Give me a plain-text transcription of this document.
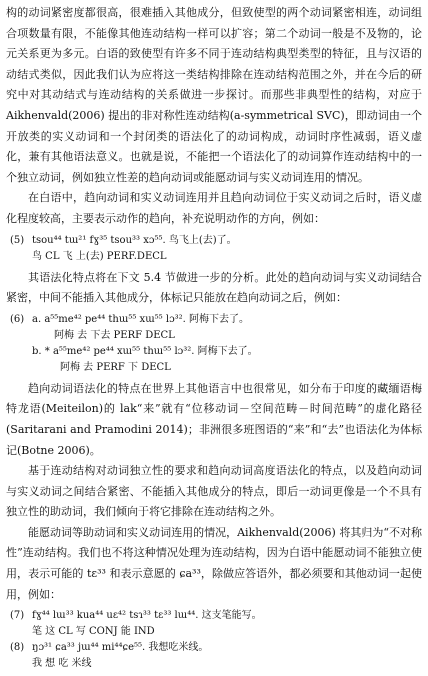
构的动词紧密度都很高，很难插入其他成分，但致使型的两个动词紧密相连，动词组合项数量有限，不能像其他连动结构一样可以扩容；第二个动词一般是不及物的，论元关系更为多元。白语的致使型有许多不同于连动结构典型类型的特征，且与汉语的动结式类似，因此我们认为应将这一类结构排除在连动结构范围之外，并在今后的研究中对其动结式与连动结构的关系做进一步探讨。而那些非典型性的结构，对应于 Aikhenvald(2006) 提出的非对称性连动结构(a-symmetrical SVC)，即动词由一个开放类的实义动词和一个封闭类的语法化了的动词构成，动词时序性减弱，语义虚化，兼有其他语法意义。也就是说，不能把一个语法化了的动词算作连动结构中的一个独立动词，例如独立性差的趋向动词或能愿动词与实义动词连用的情况。

在白语中，趋向动词和实义动词连用并且趋向动词位于实义动词之后时，语义虚化程度较高，主要表示动作的趋向，补充说明动作的方向，例如：

(5) tsou⁴⁴ tɯ²¹ fɣ³⁵ tsou³³ xɔ⁵⁵. 鸟飞上(去)了。

鸟 CL 飞 上(去) PERF.DECL

其语法化特点将在下文 5.4 节做进一步的分析。此处的趋向动词与实义动词结合紧密，中间不能插入其他成分，体标记只能放在趋向动词之后，例如：

(6) a. a⁵⁵me⁴² pe⁴⁴ thɯ⁵⁵ xɯ⁵⁵ lɔ³². 阿梅下去了。

阿梅 去 下去 PERF DECL

b. * a⁵⁵me⁴² pe⁴⁴ xɯ⁵⁵ thɯ⁵⁵ lɔ³². 阿梅下去了。

阿梅 去 PERF 下 DECL

趋向动词语法化的特点在世界上其他语言中也很常见，如分布于印度的藏缅语梅特龙语(Meiteilon)的 lak“来”就有“位移动词－空间范畴－时间范畴”的虚化路径(Saritarani and Pramodini 2014)；非洲很多班图语的“来”和“去”也语法化为体标记(Botne 2006)。

基于连动结构对动词独立性的要求和趋向动词高度语法化的特点，以及趋向动词与实义动词之间结合紧密、不能插入其他成分的特点，即后一动词更像是一个不具有独立性的助动词，我们倾向于将它排除在连动结构之外。

能愿动词等助动词和实义动词连用的情况，Aikhenvald(2006) 将其归为“不对称性”连动结构。我们也不将这种情况处理为连动结构，因为白语中能愿动词不能独立使用，表示可能的 tɛ³³ 和表示意愿的 ɕa³³，除做应答语外，都必须要和其他动词一起使用，例如：

(7) fɣ⁴⁴ lɯ³³ kua⁴⁴ uɛ⁴² tsɿ³³ tɛ³³ lɯ⁴⁴. 这支笔能写。

笔 这 CL 写 CONJ 能 IND

(8) ŋɔ³¹ ɕa³³ jɯ⁴⁴ mi⁴⁴ɕe⁵⁵. 我想吃米线。

我 想 吃 米线
